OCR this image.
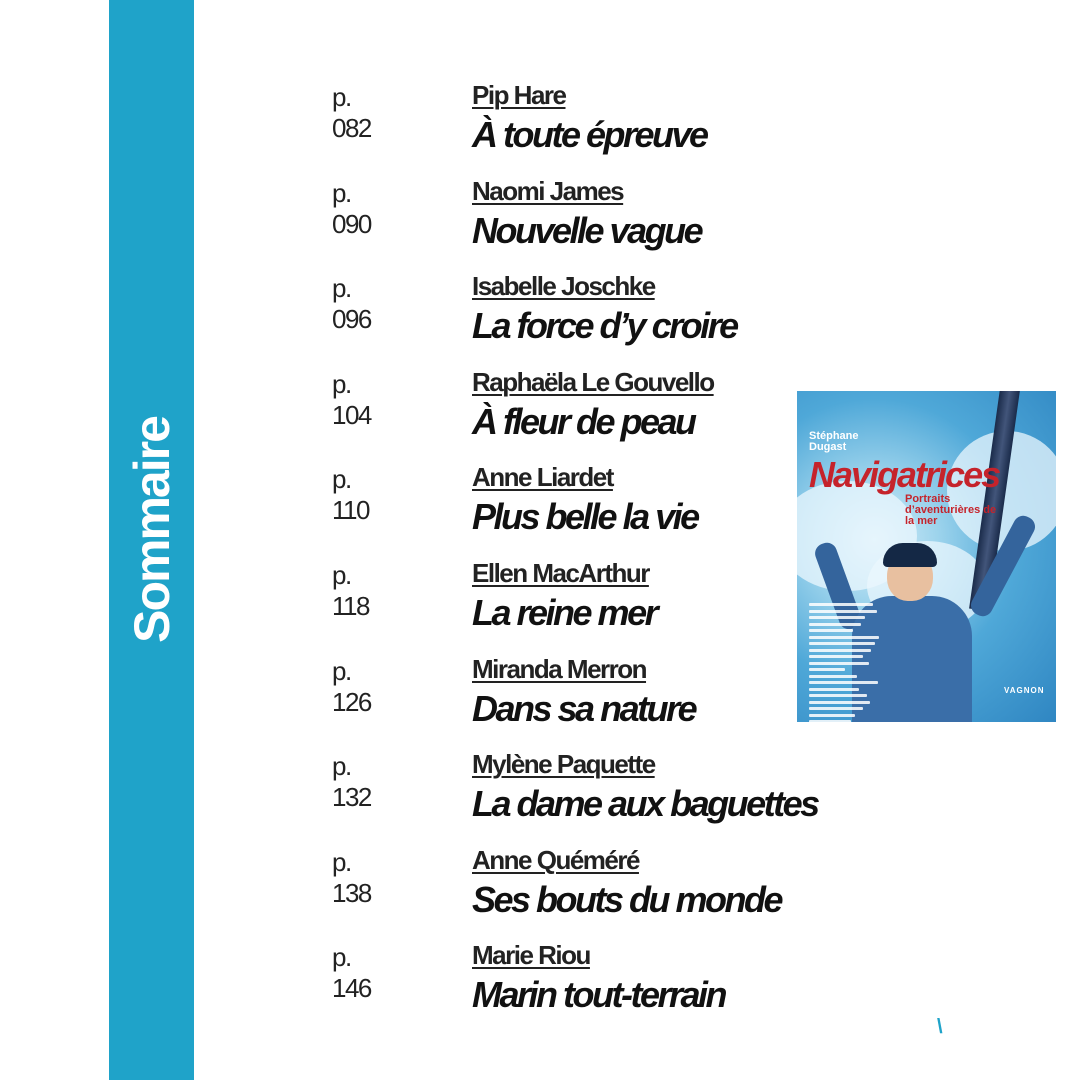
Sommaire
p. 082
Pip Hare
À toute épreuve
p. 090
Naomi James
Nouvelle vague
p. 096
Isabelle Joschke
La force d’y croire
p. 104
Raphaëla Le Gouvello
À fleur de peau
p. 110
Anne Liardet
Plus belle la vie
p. 118
Ellen MacArthur
La reine mer
p. 126
Miranda Merron
Dans sa nature
p. 132
Mylène Paquette
La dame aux baguettes
p. 138
Anne Quéméré
Ses bouts du monde
p. 146
Marie Riou
Marin tout-terrain
Stéphane
Dugast
Navigatrices
Portraits d’aventurières de la mer
VAGNON
\
